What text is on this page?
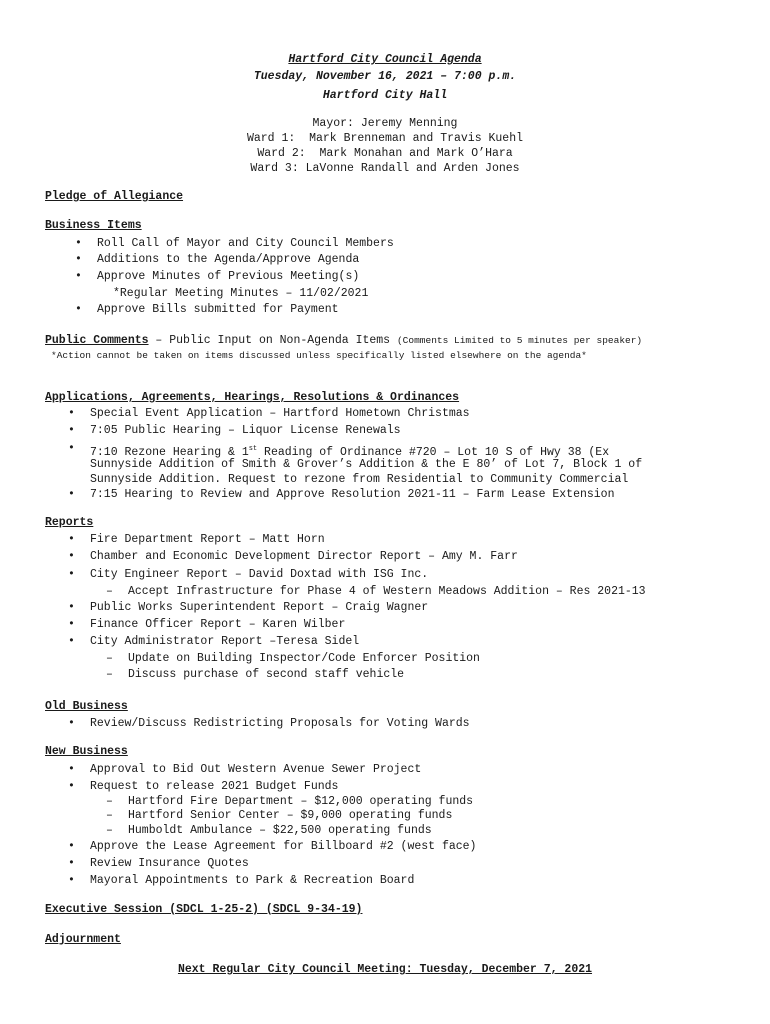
Hartford City Council Agenda
Tuesday, November 16, 2021 – 7:00 p.m.
Hartford City Hall
Mayor: Jeremy Menning
Ward 1:  Mark Brenneman and Travis Kuehl
Ward 2:  Mark Monahan and Mark O’Hara
Ward 3: LaVonne Randall and Arden Jones
Pledge of Allegiance
Business Items
• Roll Call of Mayor and City Council Members
• Additions to the Agenda/Approve Agenda
• Approve Minutes of Previous Meeting(s)
*Regular Meeting Minutes – 11/02/2021
• Approve Bills submitted for Payment
Public Comments – Public Input on Non-Agenda Items (Comments Limited to 5 minutes per speaker)
*Action cannot be taken on items discussed unless specifically listed elsewhere on the agenda*
Applications, Agreements, Hearings, Resolutions & Ordinances
• Special Event Application – Hartford Hometown Christmas
• 7:05 Public Hearing – Liquor License Renewals
• 7:10 Rezone Hearing & 1st Reading of Ordinance #720 – Lot 10 S of Hwy 38 (Ex
Sunnyside Addition of Smith & Grover’s Addition & the E 80’ of Lot 7, Block 1 of
Sunnyside Addition. Request to rezone from Residential to Community Commercial
• 7:15 Hearing to Review and Approve Resolution 2021-11 – Farm Lease Extension
Reports
• Fire Department Report – Matt Horn
• Chamber and Economic Development Director Report – Amy M. Farr
• City Engineer Report – David Doxtad with ISG Inc.
– Accept Infrastructure for Phase 4 of Western Meadows Addition – Res 2021-13
• Public Works Superintendent Report – Craig Wagner
• Finance Officer Report – Karen Wilber
• City Administrator Report –Teresa Sidel
– Update on Building Inspector/Code Enforcer Position
– Discuss purchase of second staff vehicle
Old Business
• Review/Discuss Redistricting Proposals for Voting Wards
New Business
• Approval to Bid Out Western Avenue Sewer Project
• Request to release 2021 Budget Funds
– Hartford Fire Department – $12,000 operating funds
– Hartford Senior Center – $9,000 operating funds
– Humboldt Ambulance – $22,500 operating funds
• Approve the Lease Agreement for Billboard #2 (west face)
• Review Insurance Quotes
• Mayoral Appointments to Park & Recreation Board
Executive Session (SDCL 1-25-2) (SDCL 9-34-19)
Adjournment
Next Regular City Council Meeting: Tuesday, December 7, 2021
